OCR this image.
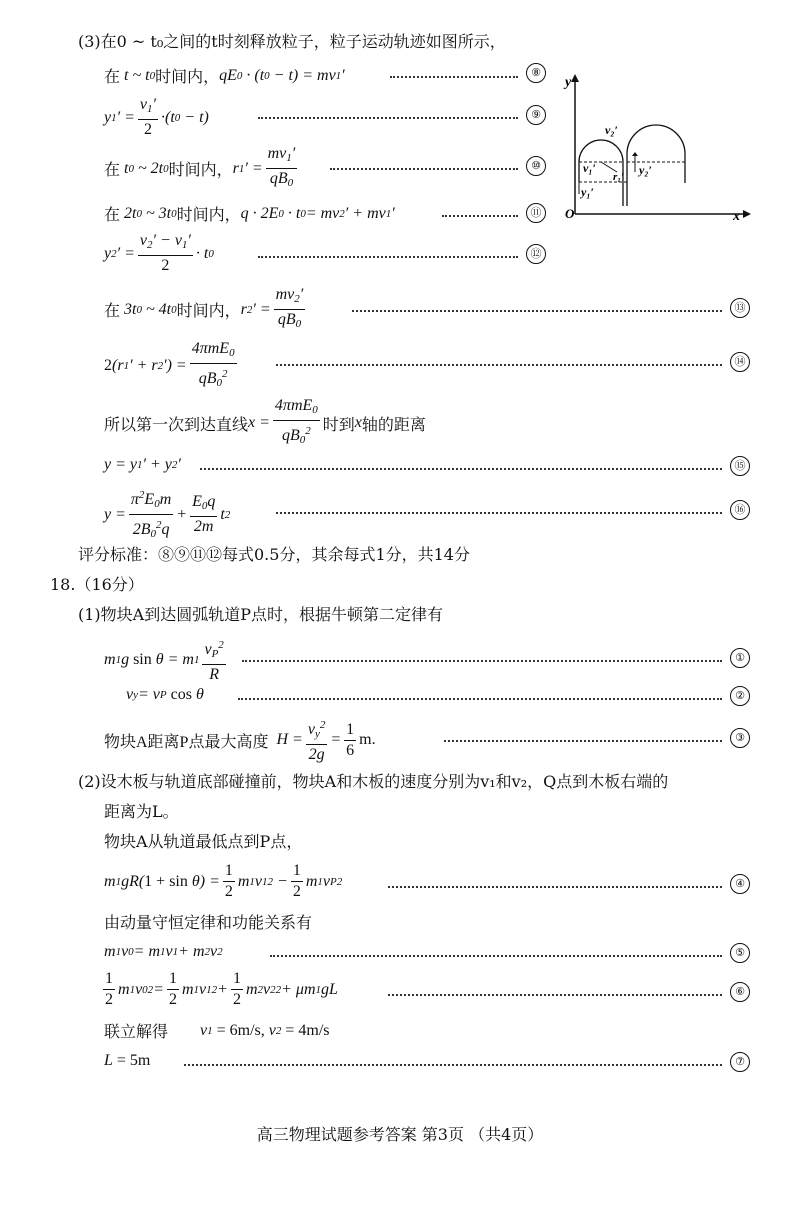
(3)在0 ~ t₀之间的t时刻释放粒子，粒子运动轨迹如图所示，
在 t ~ t 0 时间内， qE 0 · (t 0 − t) = mv 1 ′	⑧
y 1 ′ = $\frac{v_1'}{2} \cdot(t$ 0 − t)	⑨
在 t 0 ~ 2t 0 时间内， r 1 ′ = $\frac{mv_1'}{qB_0}$	⑩
在 2t 0 ~ 3t 0 时间内， q · 2E 0 · t 0 = mv 2 ′ + mv 1 ′	⑪
y 2 ′ = $\frac{v_2' - v_1'}{2} \cdot t$ 0	⑫
在 3t 0 ~ 4t 0 时间内， r 2 ′ = $\frac{mv_2'}{qB_0}$	⑬
2 (r 1 ′ + r 2 ′) = $\frac{4\pi mE_0}{qB_0^2}$	⑭
所以第一次到达直线 $x = \frac{4\pi mE_0}{qB_0^2}$ 时到 x 轴的距离
y = y 1 ′ + y 2 ′	⑮
$y = \frac{\pi^2E_0m}{2B_0^2q} + \frac{E_0q}{2m}$ t 2	⑯
评分标准：⑧⑨⑪⑫每式0.5分，其余每式1分，共14分
y
x
O
v₂′
v₁′
r₁′ y₂′
y₁′
18.（16分）
(1)物块A到达圆弧轨道P点时，根据牛顿第二定律有
m 1 g sin θ = m $1 \frac{v_P^2}{R}$	①
v y = v P
cos θ	②
物块A距离P点最大高度 $H = \frac{v_y^2}{2g} = \frac{1}{6} m$.	③
(2)设木板与轨道底部碰撞前，物块A和木板的速度分别为v₁和v₂，Q点到木板右端的
距离为L。
物块A从轨道最低点到P点，
m 1 gR( $1 + \sin \theta) = \frac{1}{2}$ m 1 v 1 $2 - \frac{1}{2}$ m 1 v P 2	④
由动量守恒定律和功能关系有
m 1 v 0 = m 1 v 1 + m 2 v 2	⑤
$\frac{1}{2}$ m 1 v 0 $2 = \frac{1}{2}$ m 1 v 1 $2 + \frac{1}{2}$ m 2 v 2 2 + μm 1 gL	⑥
联立解得 v 1 = 6m/s, v 2 = 4m/s
L = 5m	⑦
高三物理试题参考答案 第3页 （共4页）
